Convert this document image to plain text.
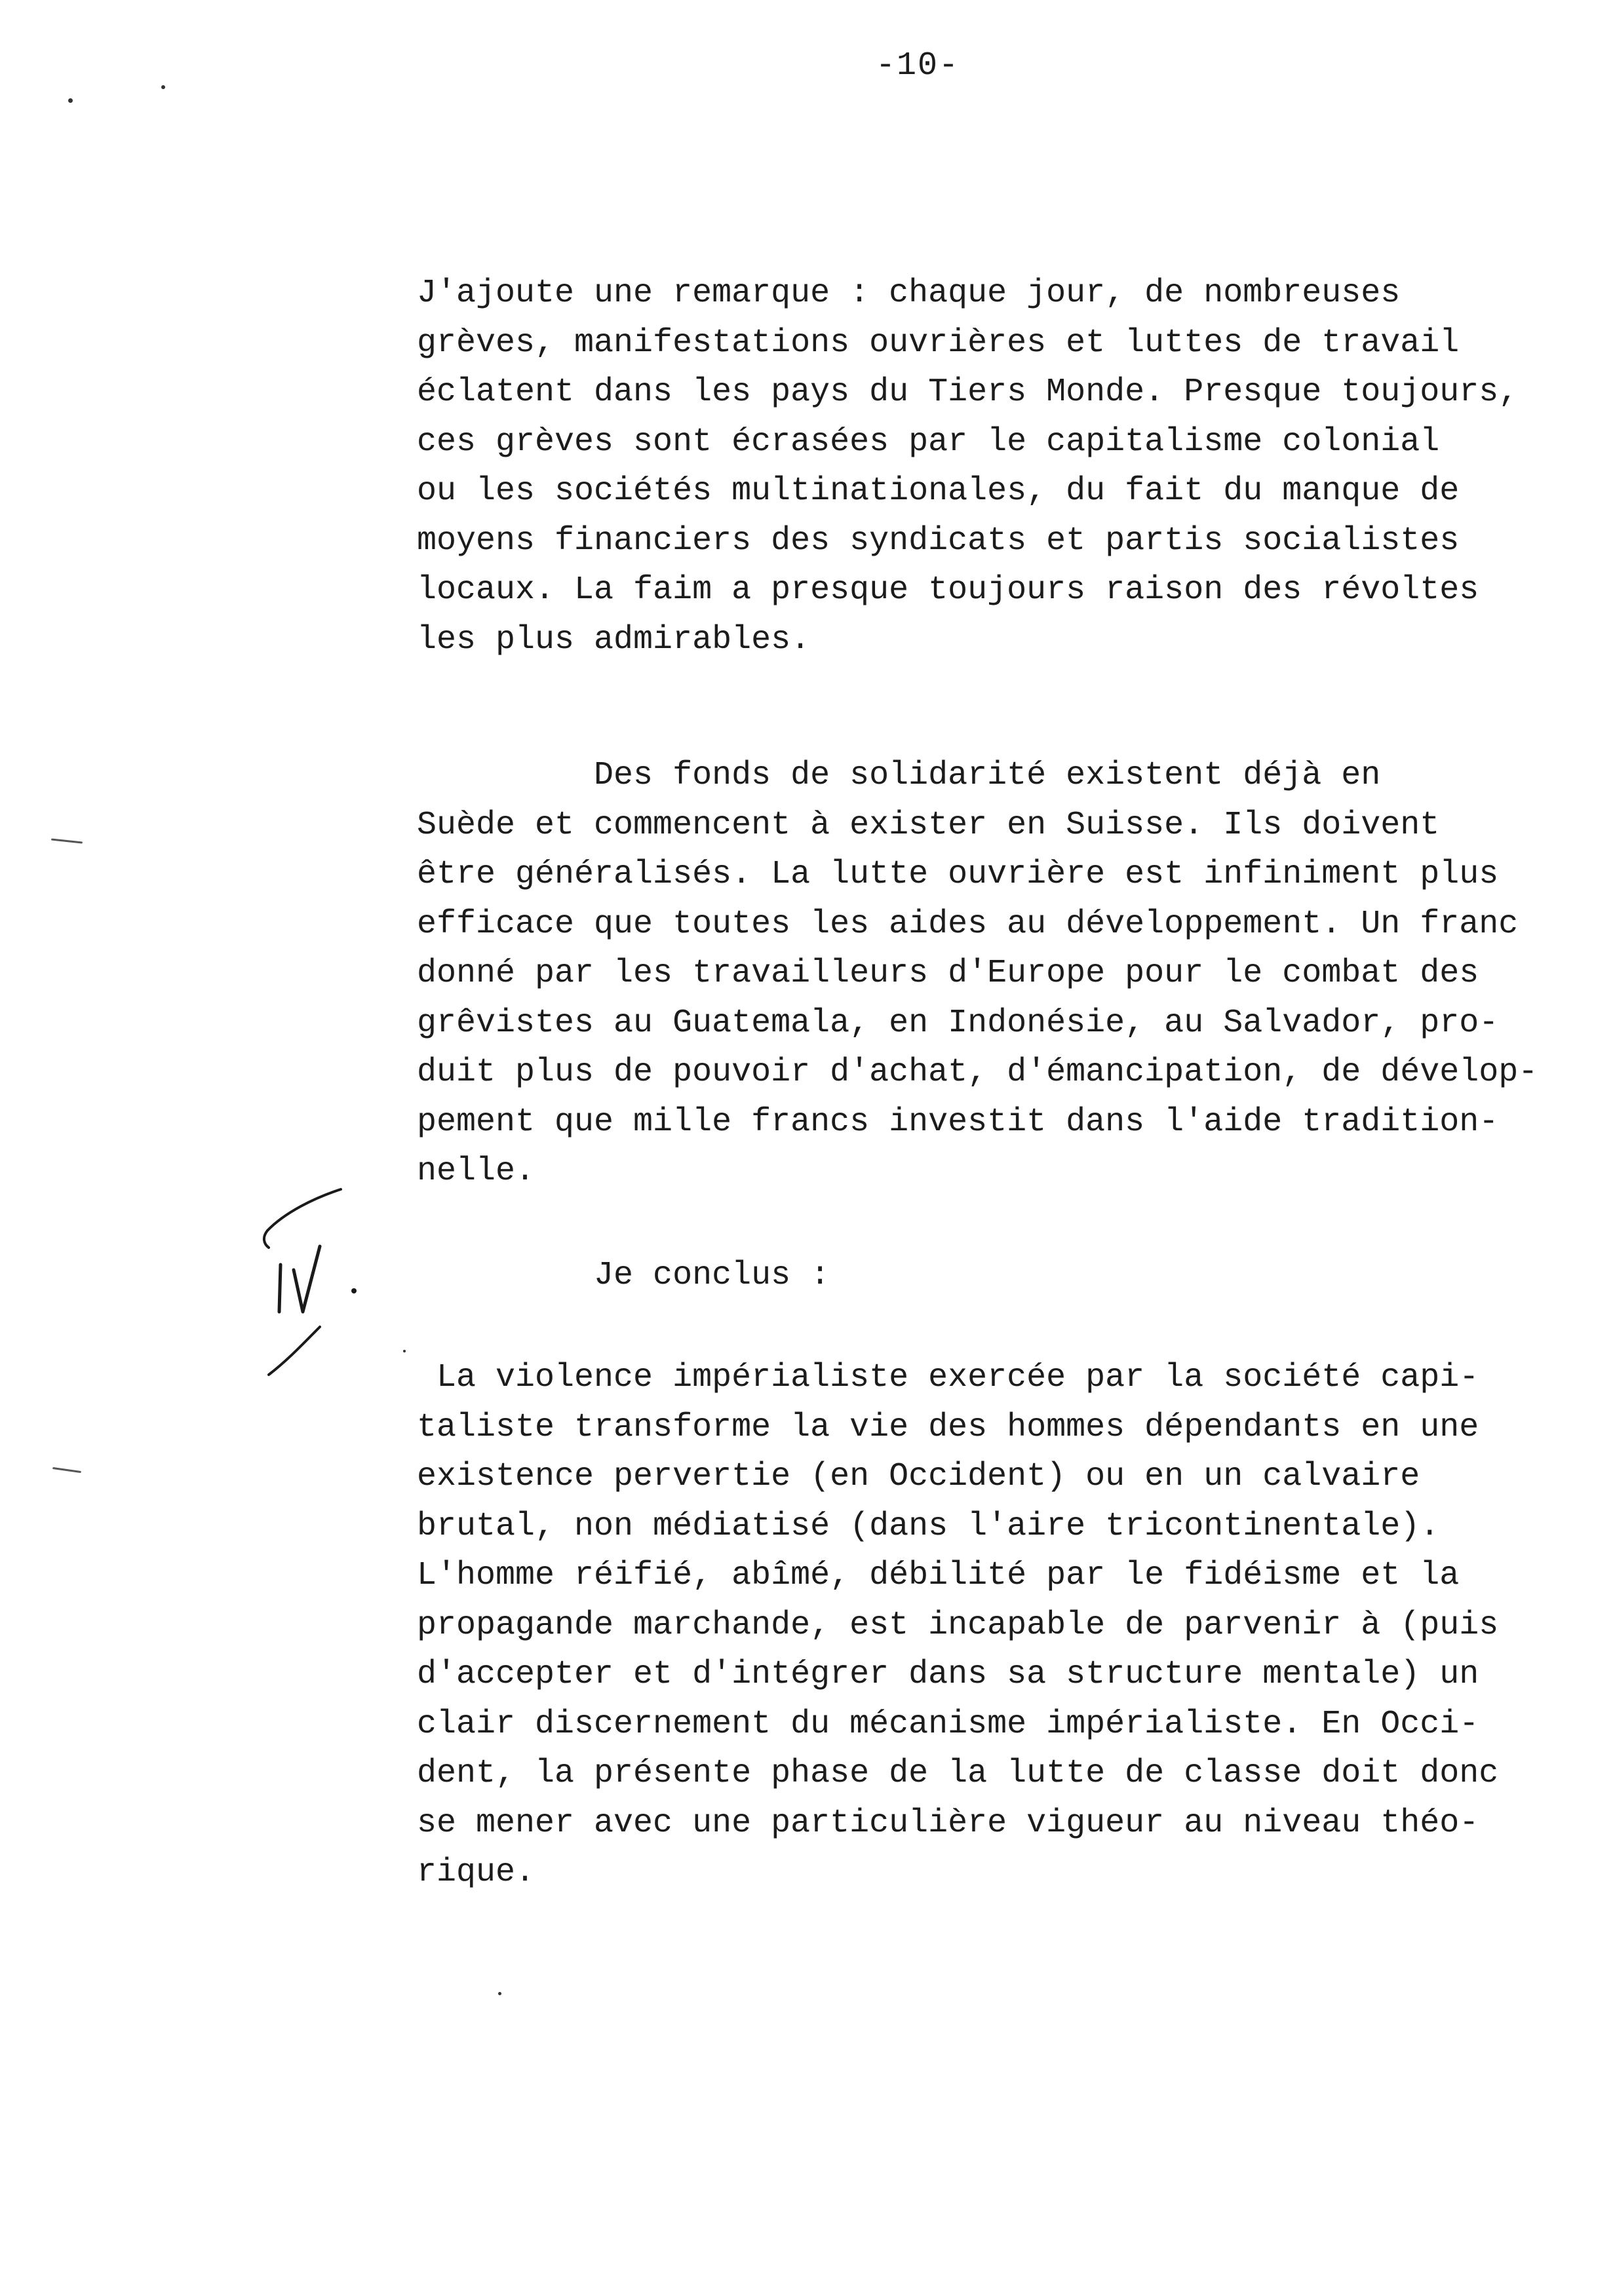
-10-
J'ajoute une remarque : chaque jour, de nombreuses
grèves, manifestations ouvrières et luttes de travail
éclatent dans les pays du Tiers Monde. Presque toujours,
ces grèves sont écrasées par le capitalisme colonial
ou les sociétés multinationales, du fait du manque de
moyens financiers des syndicats et partis socialistes
locaux. La faim a presque toujours raison des révoltes
les plus admirables.
Des fonds de solidarité existent déjà en
Suède et commencent à exister en Suisse. Ils doivent
être généralisés. La lutte ouvrière est infiniment plus
efficace que toutes les aides au développement. Un franc
donné par les travailleurs d'Europe pour le combat des
grêvistes au Guatemala, en Indonésie, au Salvador, pro-
duit plus de pouvoir d'achat, d'émancipation, de dévelop-
pement que mille francs investit dans l'aide tradition-
nelle.
Je conclus :
La violence impérialiste exercée par la société capi-
taliste transforme la vie des hommes dépendants en une
existence pervertie (en Occident) ou en un calvaire
brutal, non médiatisé (dans l'aire tricontinentale).
L'homme réifié, abîmé, débilité par le fidéisme et la
propagande marchande, est incapable de parvenir à (puis
d'accepter et d'intégrer dans sa structure mentale) un
clair discernement du mécanisme impérialiste. En Occi-
dent, la présente phase de la lutte de classe doit donc
se mener avec une particulière vigueur au niveau théo-
rique.
